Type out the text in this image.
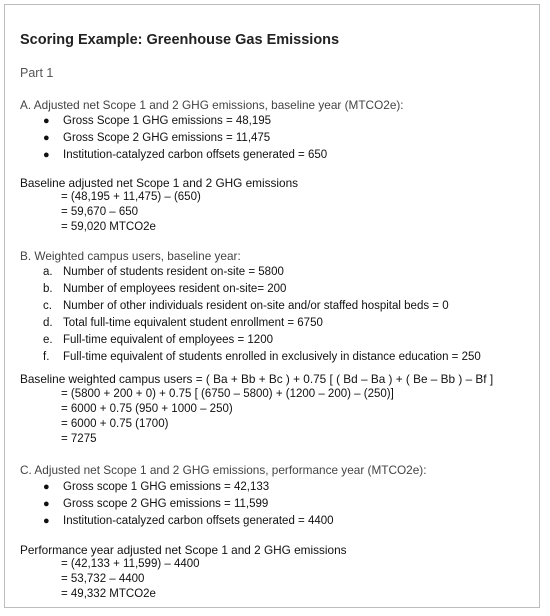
Scoring Example: Greenhouse Gas Emissions
Part 1
A. Adjusted net Scope 1 and 2 GHG emissions, baseline year (MTCO2e):
● Gross Scope 1 GHG emissions = 48,195
● Gross Scope 2 GHG emissions = 11,475
● Institution-catalyzed carbon offsets generated = 650
Baseline adjusted net Scope 1 and 2 GHG emissions
= (48,195 + 11,475) – (650)
= 59,670 – 650
= 59,020 MTCO2e
B. Weighted campus users, baseline year:
a. Number of students resident on-site = 5800
b. Number of employees resident on-site= 200
c. Number of other individuals resident on-site and/or staffed hospital beds = 0
d. Total full-time equivalent student enrollment = 6750
e. Full-time equivalent of employees = 1200
f. Full-time equivalent of students enrolled in exclusively in distance education = 250
Baseline weighted campus users = ( Ba + Bb + Bc ) + 0.75 [ ( Bd – Ba ) + ( Be – Bb ) – Bf ]
= (5800 + 200 + 0) + 0.75 [ (6750 – 5800) + (1200 – 200) – (250)]
= 6000 + 0.75 (950 + 1000 – 250)
= 6000 + 0.75 (1700)
= 7275
C. Adjusted net Scope 1 and 2 GHG emissions, performance year (MTCO2e):
● Gross scope 1 GHG emissions = 42,133
● Gross scope 2 GHG emissions = 11,599
● Institution-catalyzed carbon offsets generated = 4400
Performance year adjusted net Scope 1 and 2 GHG emissions
= (42,133 + 11,599) – 4400
= 53,732 – 4400
= 49,332 MTCO2e
